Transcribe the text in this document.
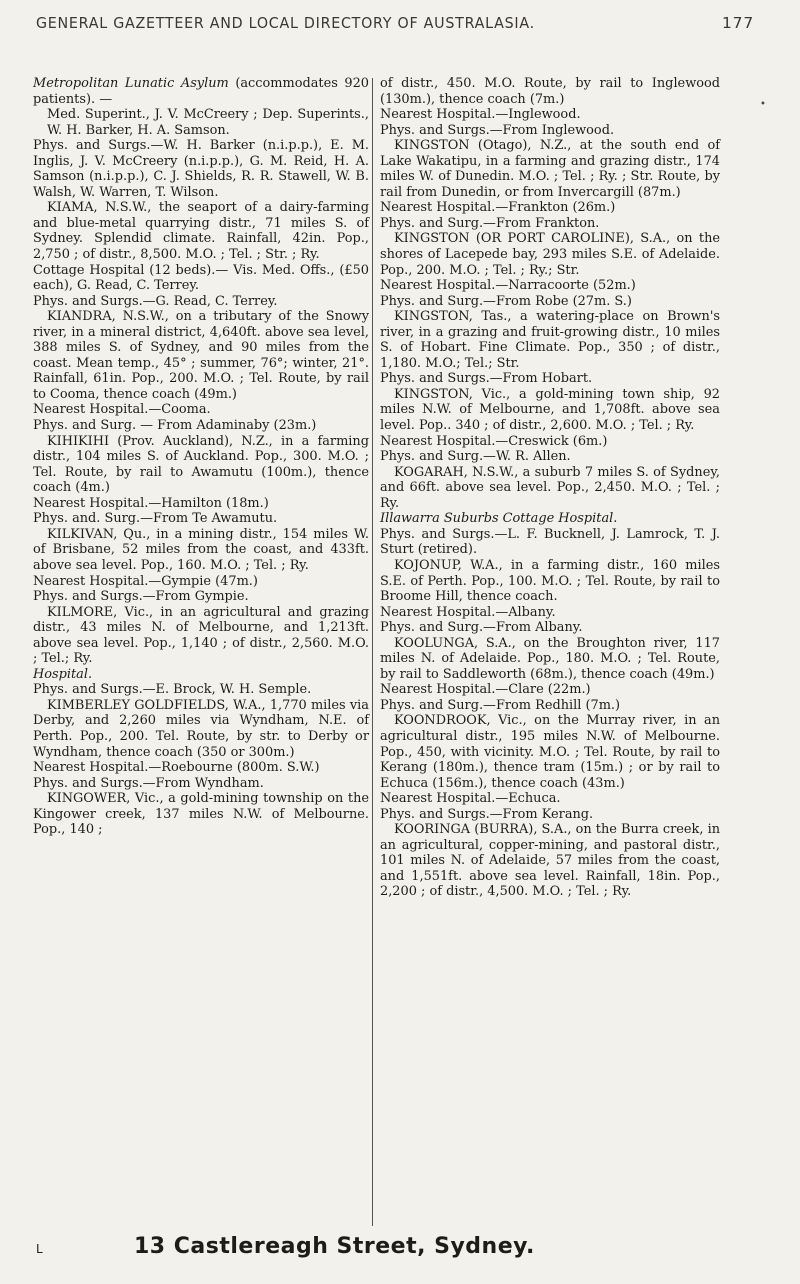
GENERAL GAZETTEER AND LOCAL DIRECTORY OF AUSTRALASIA.	177
•

Metropolitan Lunatic Asylum (accommodates 920 patients). —

Med. Superint., J. V. McCreery ; Dep. Superints., W. H. Barker, H. A. Samson.

Phys. and Surgs.—W. H. Barker (n.i.p.p.), E. M. Inglis, J. V. McCreery (n.i.p.p.), G. M. Reid, H. A. Samson (n.i.p.p.), C. J. Shields, R. R. Stawell, W. B. Walsh, W. Warren, T. Wilson.

KIAMA, N.S.W., the seaport of a dairy-farming and blue-metal quarrying distr., 71 miles S. of Sydney. Splendid climate. Rainfall, 42in. Pop., 2,750 ; of distr., 8,500. M.O. ; Tel. ; Str. ; Ry.

Cottage Hospital (12 beds).— Vis. Med. Offs., (£50 each), G. Read, C. Terrey.

Phys. and Surgs.—G. Read, C. Terrey.

KIANDRA, N.S.W., on a tributary of the Snowy river, in a mineral district, 4,640ft. above sea level, 388 miles S. of Sydney, and 90 miles from the coast. Mean temp., 45° ; summer, 76°; winter, 21°. Rainfall, 61in. Pop., 200. M.O. ; Tel. Route, by rail to Cooma, thence coach (49m.)

Nearest Hospital.—Cooma.

Phys. and Surg. — From Adaminaby (23m.)

KIHIKIHI (Prov. Auckland), N.Z., in a farming distr., 104 miles S. of Auckland. Pop., 300. M.O. ; Tel. Route, by rail to Awamutu (100m.), thence coach (4m.)

Nearest Hospital.—Hamilton (18m.)

Phys. and. Surg.—From Te Awamutu.

KILKIVAN, Qu., in a mining distr., 154 miles W. of Brisbane, 52 miles from the coast, and 433ft. above sea level. Pop., 160. M.O. ; Tel. ; Ry.

Nearest Hospital.—Gympie (47m.)

Phys. and Surgs.—From Gympie.

KILMORE, Vic., in an agricultural and grazing distr., 43 miles N. of Melbourne, and 1,213ft. above sea level. Pop., 1,140 ; of distr., 2,560. M.O. ; Tel.; Ry.

Hospital.

Phys. and Surgs.—E. Brock, W. H. Semple.

KIMBERLEY GOLDFIELDS, W.A., 1,770 miles via Derby, and 2,260 miles via Wyndham, N.E. of Perth. Pop., 200. Tel. Route, by str. to Derby or Wyndham, thence coach (350 or 300m.)

Nearest Hospital.—Roebourne (800m. S.W.)

Phys. and Surgs.—From Wyndham.

KINGOWER, Vic., a gold-mining township on the Kingower creek, 137 miles N.W. of Melbourne. Pop., 140 ;

of distr., 450. M.O. Route, by rail to Inglewood (130m.), thence coach (7m.)

Nearest Hospital.—Inglewood.

Phys. and Surgs.—From Inglewood.

KINGSTON (Otago), N.Z., at the south end of Lake Wakatipu, in a farming and grazing distr., 174 miles W. of Dunedin. M.O. ; Tel. ; Ry. ; Str. Route, by rail from Dunedin, or from Invercargill (87m.)

Nearest Hospital.—Frankton (26m.)

Phys. and Surg.—From Frankton.

KINGSTON (OR PORT CAROLINE), S.A., on the shores of Lacepede bay, 293 miles S.E. of Adelaide. Pop., 200. M.O. ; Tel. ; Ry.; Str.

Nearest Hospital.—Narracoorte (52m.)

Phys. and Surg.—From Robe (27m. S.)

KINGSTON, Tas., a watering-place on Brown's river, in a grazing and fruit-growing distr., 10 miles S. of Hobart. Fine Climate. Pop., 350 ; of distr., 1,180. M.O.; Tel.; Str.

Phys. and Surgs.—From Hobart.

KINGSTON, Vic., a gold-mining town ship, 92 miles N.W. of Melbourne, and 1,708ft. above sea level. Pop.. 340 ; of distr., 2,600. M.O. ; Tel. ; Ry.

Nearest Hospital.—Creswick (6m.)

Phys. and Surg.—W. R. Allen.

KOGARAH, N.S.W., a suburb 7 miles S. of Sydney, and 66ft. above sea level. Pop., 2,450. M.O. ; Tel. ; Ry.

Illawarra Suburbs Cottage Hospital.

Phys. and Surgs.—L. F. Bucknell, J. Lamrock, T. J. Sturt (retired).

KOJONUP, W.A., in a farming distr., 160 miles S.E. of Perth. Pop., 100. M.O. ; Tel. Route, by rail to Broome Hill, thence coach.

Nearest Hospital.—Albany.

Phys. and Surg.—From Albany.

KOOLUNGA, S.A., on the Broughton river, 117 miles N. of Adelaide. Pop., 180. M.O. ; Tel. Route, by rail to Saddleworth (68m.), thence coach (49m.)

Nearest Hospital.—Clare (22m.)

Phys. and Surg.—From Redhill (7m.)

KOONDROOK, Vic., on the Murray river, in an agricultural distr., 195 miles N.W. of Melbourne. Pop., 450, with vicinity. M.O. ; Tel. Route, by rail to Kerang (180m.), thence tram (15m.) ; or by rail to Echuca (156m.), thence coach (43m.)

Nearest Hospital.—Echuca.

Phys. and Surgs.—From Kerang.

KOORINGA (BURRA), S.A., on the Burra creek, in an agricultural, copper-mining, and pastoral distr., 101 miles N. of Adelaide, 57 miles from the coast, and 1,551ft. above sea level. Rainfall, 18in. Pop., 2,200 ; of distr., 4,500. M.O. ; Tel. ; Ry.

L	13 Castlereagh Street, Sydney.
